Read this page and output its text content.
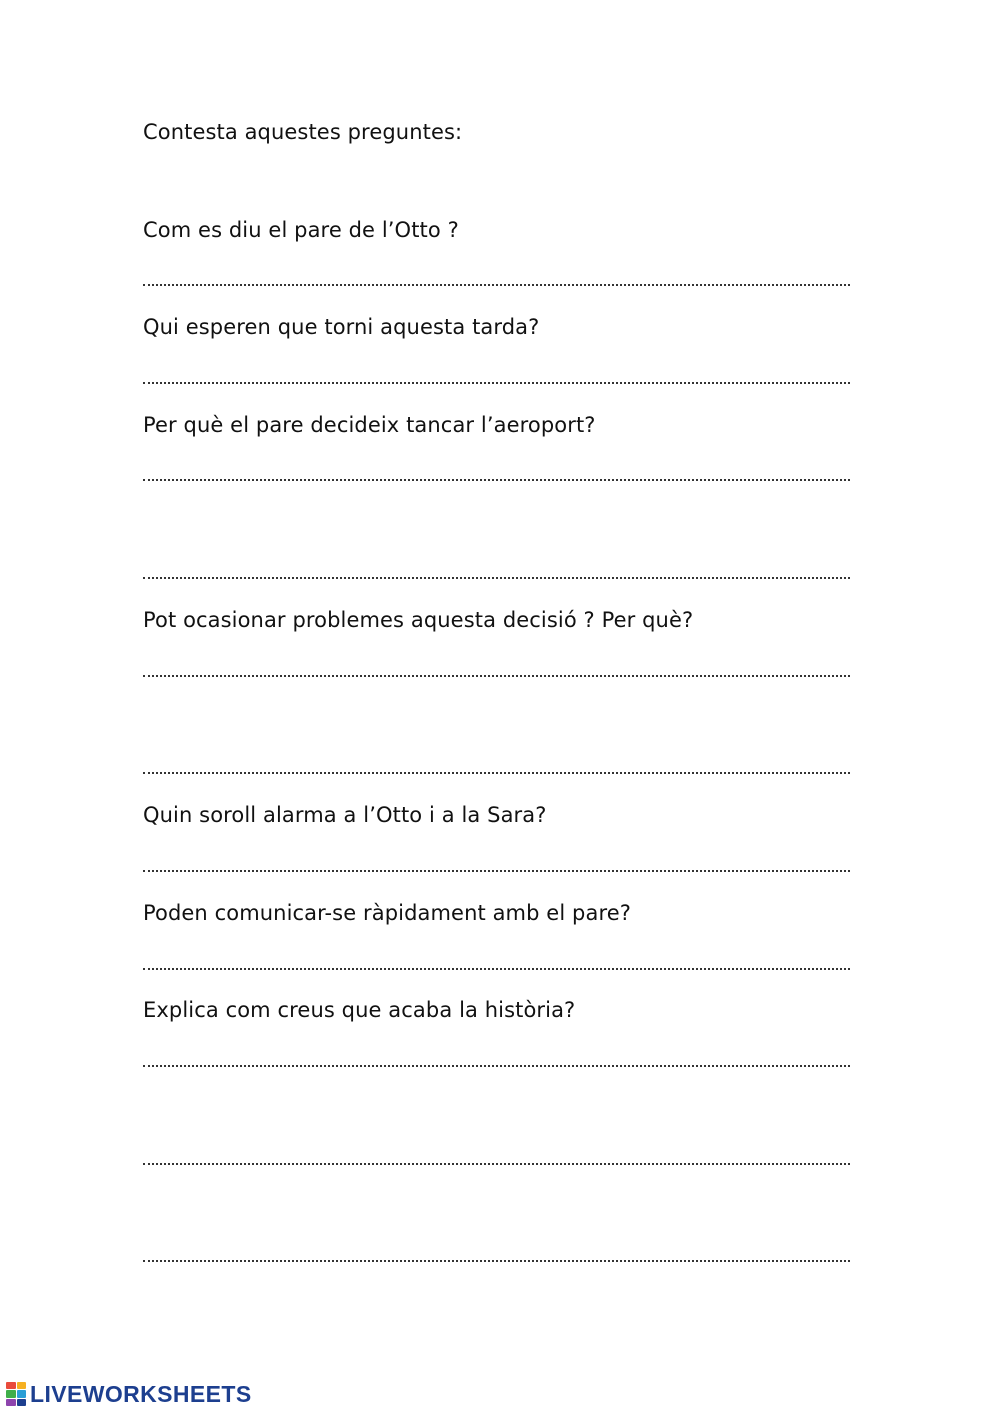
Contesta aquestes preguntes:
Com es diu el pare de l’Otto ?
Qui esperen que torni aquesta tarda?
Per què el pare decideix tancar l’aeroport?
Pot ocasionar problemes aquesta decisió ? Per què?
Quin soroll alarma a l’Otto i a la Sara?
Poden comunicar-se ràpidament amb el pare?
Explica com creus que acaba la història?
LIVEWORKSHEETS
